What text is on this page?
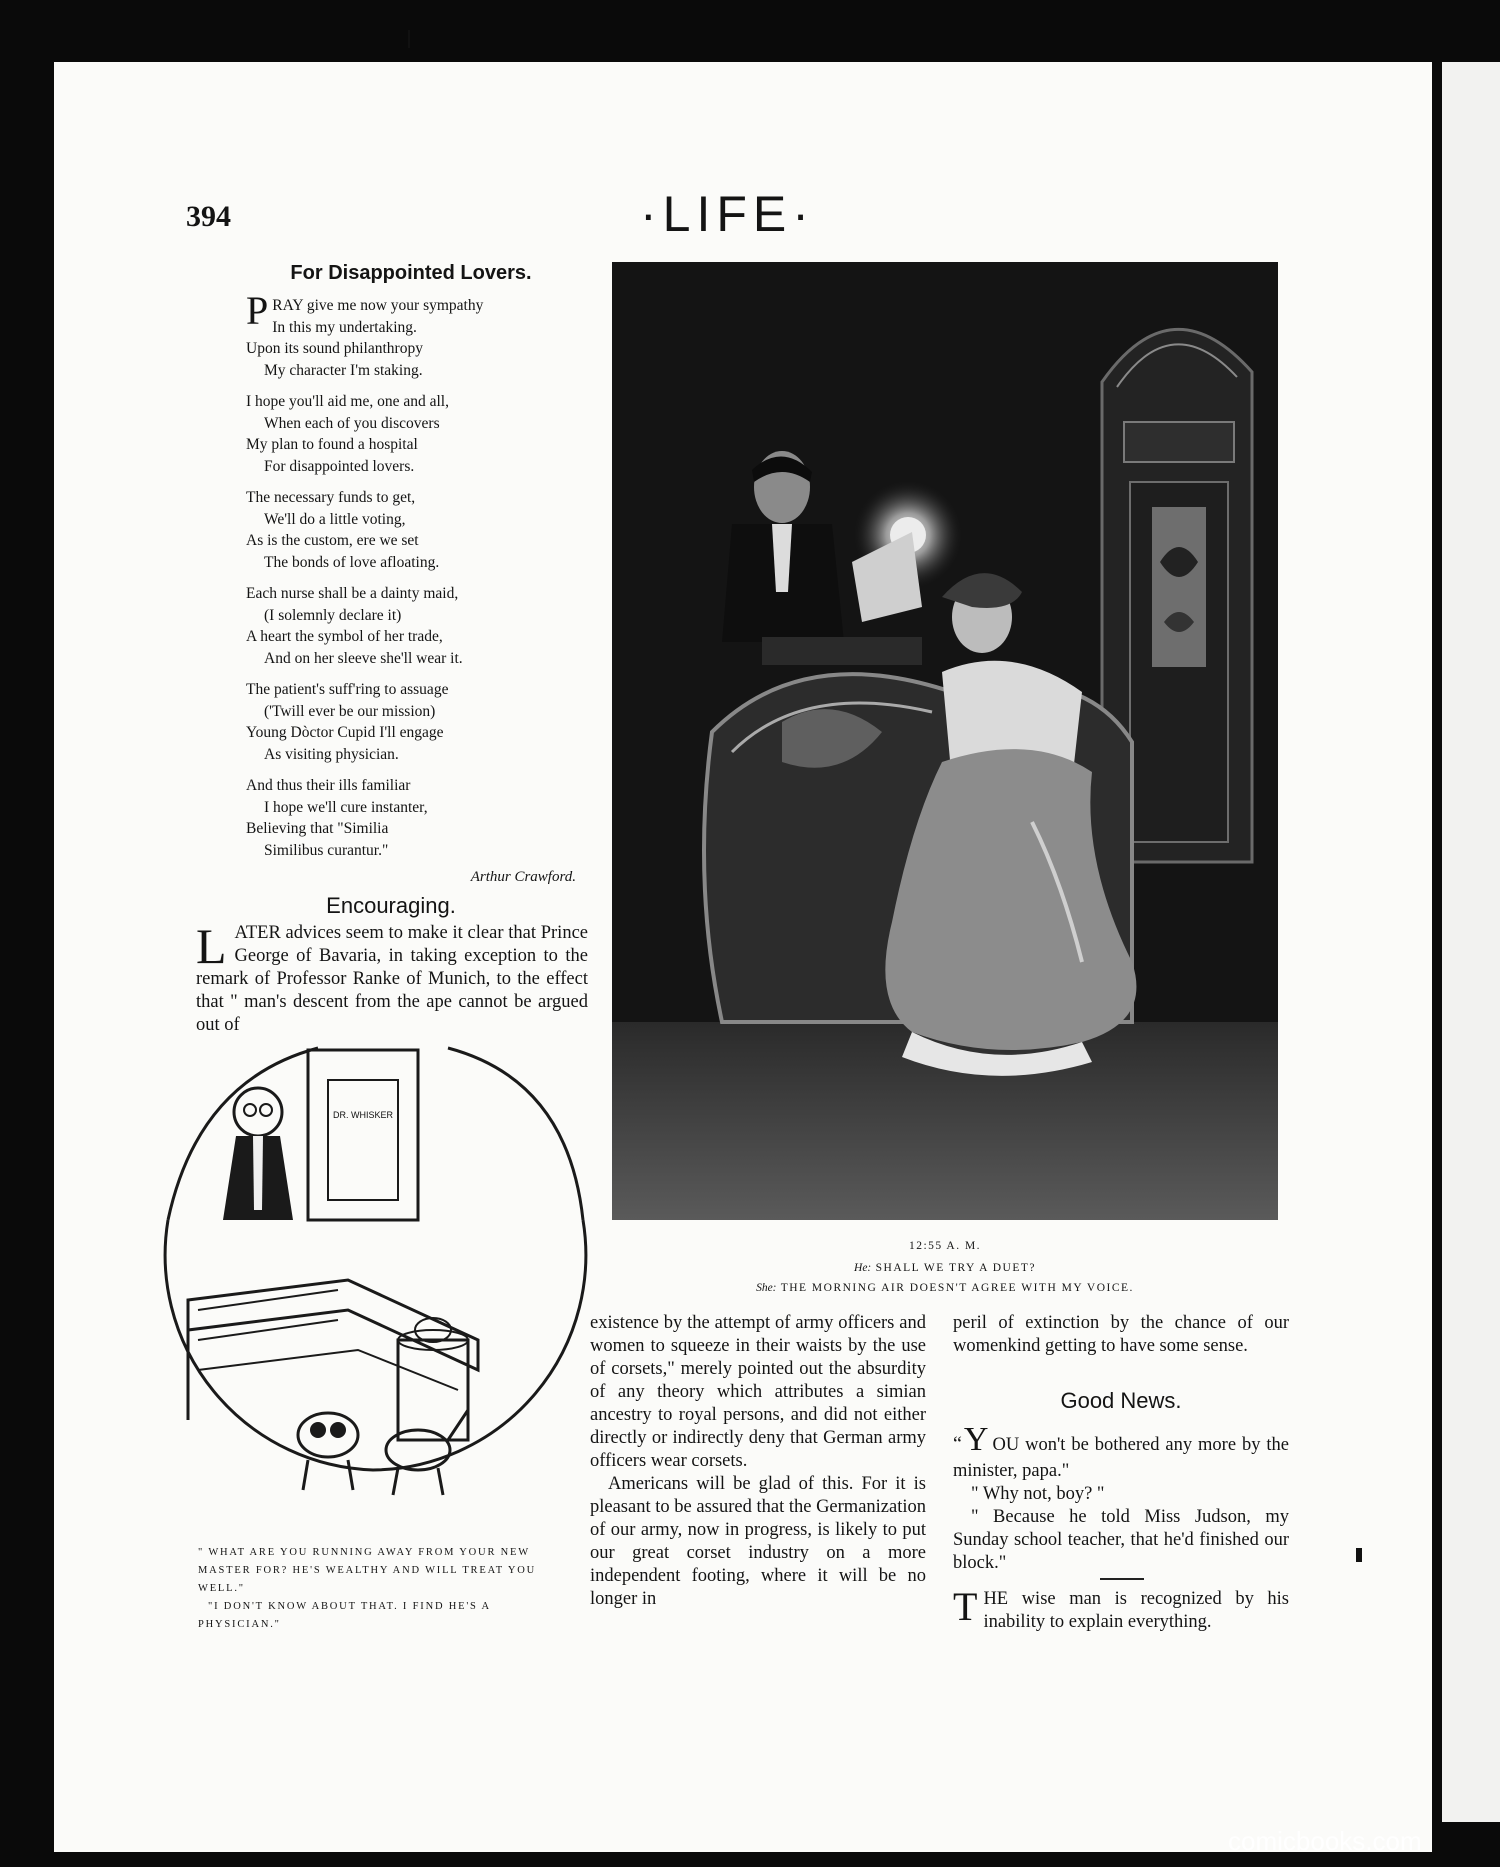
394	·LIFE·
For Disappointed Lovers.
P RAY give me now your sympathy
In this my undertaking.
Upon its sound philanthropy
My character I'm staking.
I hope you'll aid me, one and all,
When each of you discovers
My plan to found a hospital
For disappointed lovers.
The necessary funds to get,
We'll do a little voting,
As is the custom, ere we set
The bonds of love afloating.
Each nurse shall be a dainty maid,
(I solemnly declare it)
A heart the symbol of her trade,
And on her sleeve she'll wear it.
The patient's suff'ring to assuage
('Twill ever be our mission)
Young Dòctor Cupid I'll engage
As visiting physician.
And thus their ills familiar
I hope we'll cure instanter,
Believing that "Similia
Similibus curantur."
Arthur Crawford.
Encouraging.
L ATER advices seem to make it clear that Prince George of Bavaria, in taking exception to the remark of Professor Ranke of Munich, to the effect that " man's descent from the ape cannot be argued out of

existence by the attempt of army officers and women to squeeze in their waists by the use of corsets," merely pointed out the absurdity of any theory which attributes a simian ancestry to royal persons, and did not either directly or indirectly deny that German army officers wear corsets.

Americans will be glad of this. For it is pleasant to be assured that the Germanization of our army, now in progress, is likely to put our great corset industry on a more independent footing, where it will be no longer in

peril of extinction by the chance of our womenkind getting to have some sense.

12:55 A. M.
He: SHALL WE TRY A DUET?
She: THE MORNING AIR DOESN'T AGREE WITH MY VOICE.
DR. WHISKER
" WHAT ARE YOU RUNNING AWAY FROM YOUR NEW MASTER FOR? HE'S WEALTHY AND WILL TREAT YOU WELL."
"I DON'T KNOW ABOUT THAT. I FIND HE'S A PHYSICIAN."
Good News.

“Y OU won't be bothered any more by the minister, papa."

" Why not, boy? "

" Because he told Miss Judson, my Sunday school teacher, that he'd finished our block."

T HE wise man is recognized by his inability to explain everything.
comicbooks.com
